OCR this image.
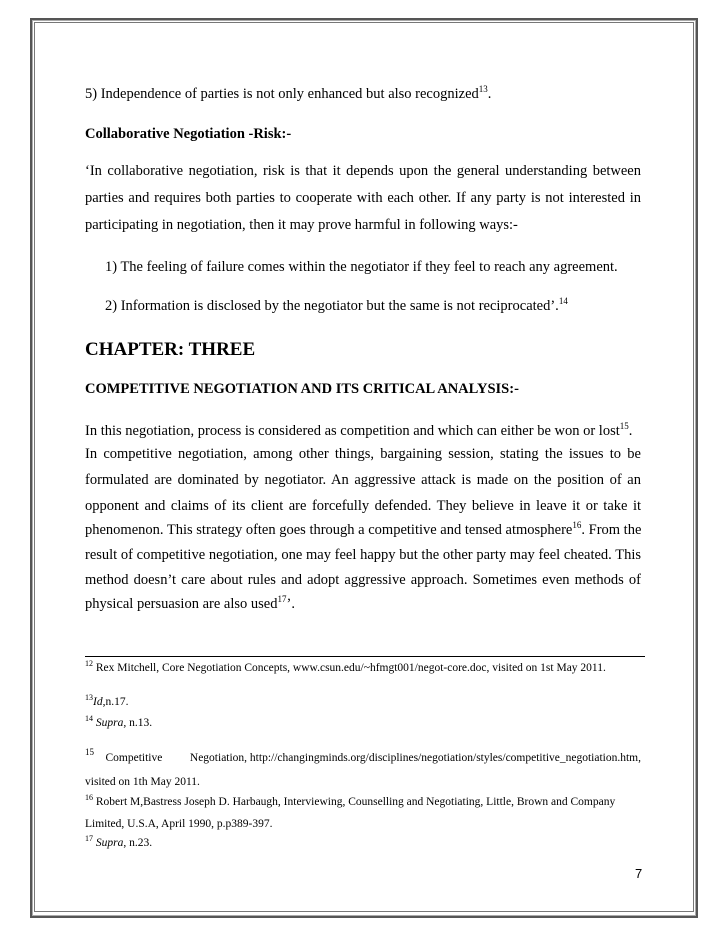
5) Independence of parties is not only enhanced but also recognized$^{13}$.
Collaborative Negotiation -Risk:-
‘In collaborative negotiation, risk is that it depends upon the general understanding between
parties and requires both parties to cooperate with each other. If any party is not interested in
participating in negotiation, then it may prove harmful in following ways:-
1) The feeling of failure comes within the negotiator if they feel to reach any agreement.
2) Information is disclosed by the negotiator but the same is not reciprocated’.$^{14}$
CHAPTER: THREE
COMPETITIVE NEGOTIATION AND ITS CRITICAL ANALYSIS:-
In this negotiation, process is considered as competition and which can either be won or lost$^{15}$.
In competitive negotiation, among other things, bargaining session, stating the issues to be
formulated are dominated by negotiator. An aggressive attack is made on the position of an
opponent and claims of its client are forcefully defended. They believe in leave it or take it
phenomenon. This strategy often goes through a competitive and tensed atmosphere$^{16}$. From the
result of competitive negotiation, one may feel happy but the other party may feel cheated. This
method doesn’t care about rules and adopt aggressive approach. Sometimes even methods of
physical persuasion are also used$^{17}$’.
$^{12}$ Rex Mitchell, Core Negotiation Concepts, www.csun.edu/~hfmgt001/negot-core.doc, visited on 1st May 2011.
$^{13}$Id,n.17.
$^{14}$ Supra, n.13.
$^{15}$ Competitive Negotiation, http://changingminds.org/disciplines/negotiation/styles/competitive_negotiation.htm,
visited on 1th May 2011.
$^{16}$ Robert M,Bastress Joseph D. Harbaugh, Interviewing, Counselling and Negotiating, Little, Brown and Company
Limited, U.S.A, April 1990, p.p389-397.
$^{17}$ Supra, n.23.
7
